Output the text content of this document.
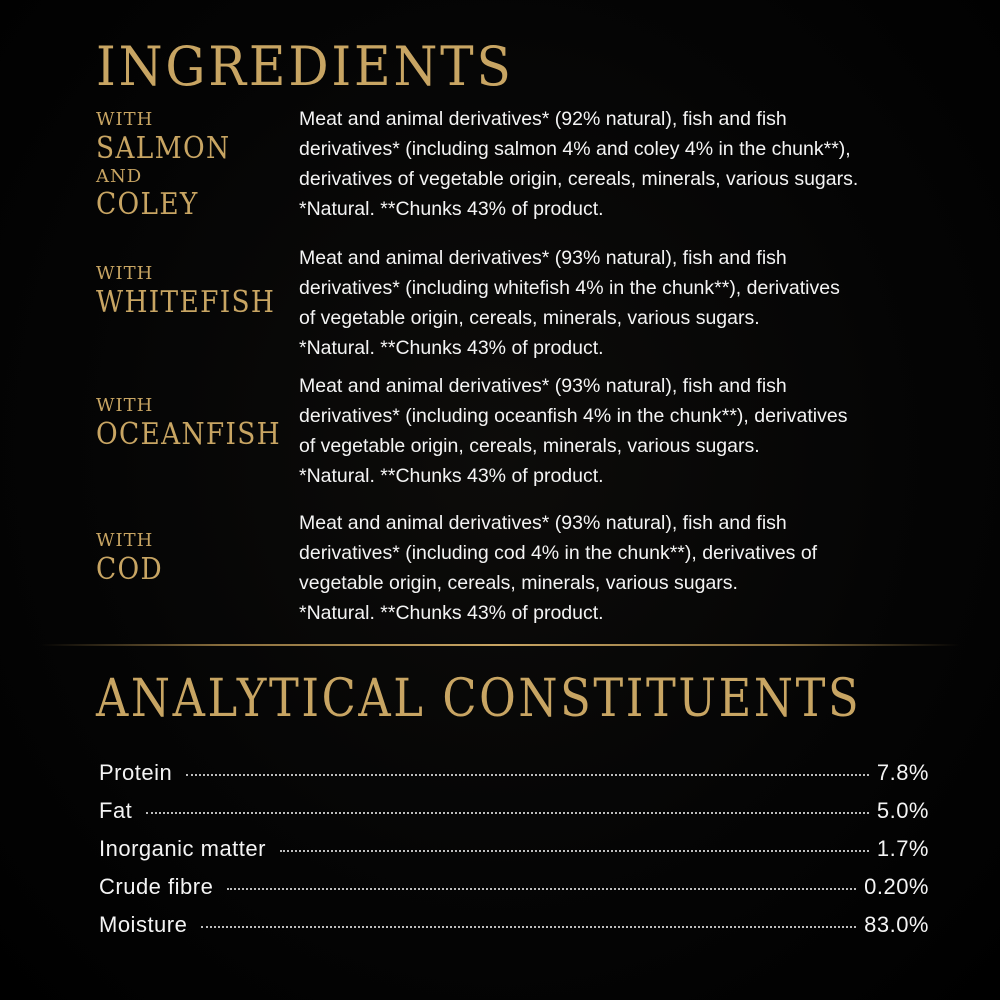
INGREDIENTS
WITH
SALMON
AND
COLEY
Meat and animal derivatives* (92% natural), fish and fish
derivatives* (including salmon 4% and coley 4% in the chunk**),
derivatives of vegetable origin, cereals, minerals, various sugars.
*Natural. **Chunks 43% of product.
WITH
WHITEFISH
Meat and animal derivatives* (93% natural), fish and fish
derivatives* (including whitefish 4% in the chunk**), derivatives
of vegetable origin, cereals, minerals, various sugars.
*Natural. **Chunks 43% of product.
WITH
OCEANFISH
Meat and animal derivatives* (93% natural), fish and fish
derivatives* (including oceanfish 4% in the chunk**), derivatives
of vegetable origin, cereals, minerals, various sugars.
*Natural. **Chunks 43% of product.
WITH
COD
Meat and animal derivatives* (93% natural), fish and fish
derivatives* (including cod 4% in the chunk**), derivatives of
vegetable origin, cereals, minerals, various sugars.
*Natural. **Chunks 43% of product.
ANALYTICAL CONSTITUENTS
Protein	7.8%
Fat	5.0%
Inorganic matter	1.7%
Crude fibre	0.20%
Moisture	83.0%
